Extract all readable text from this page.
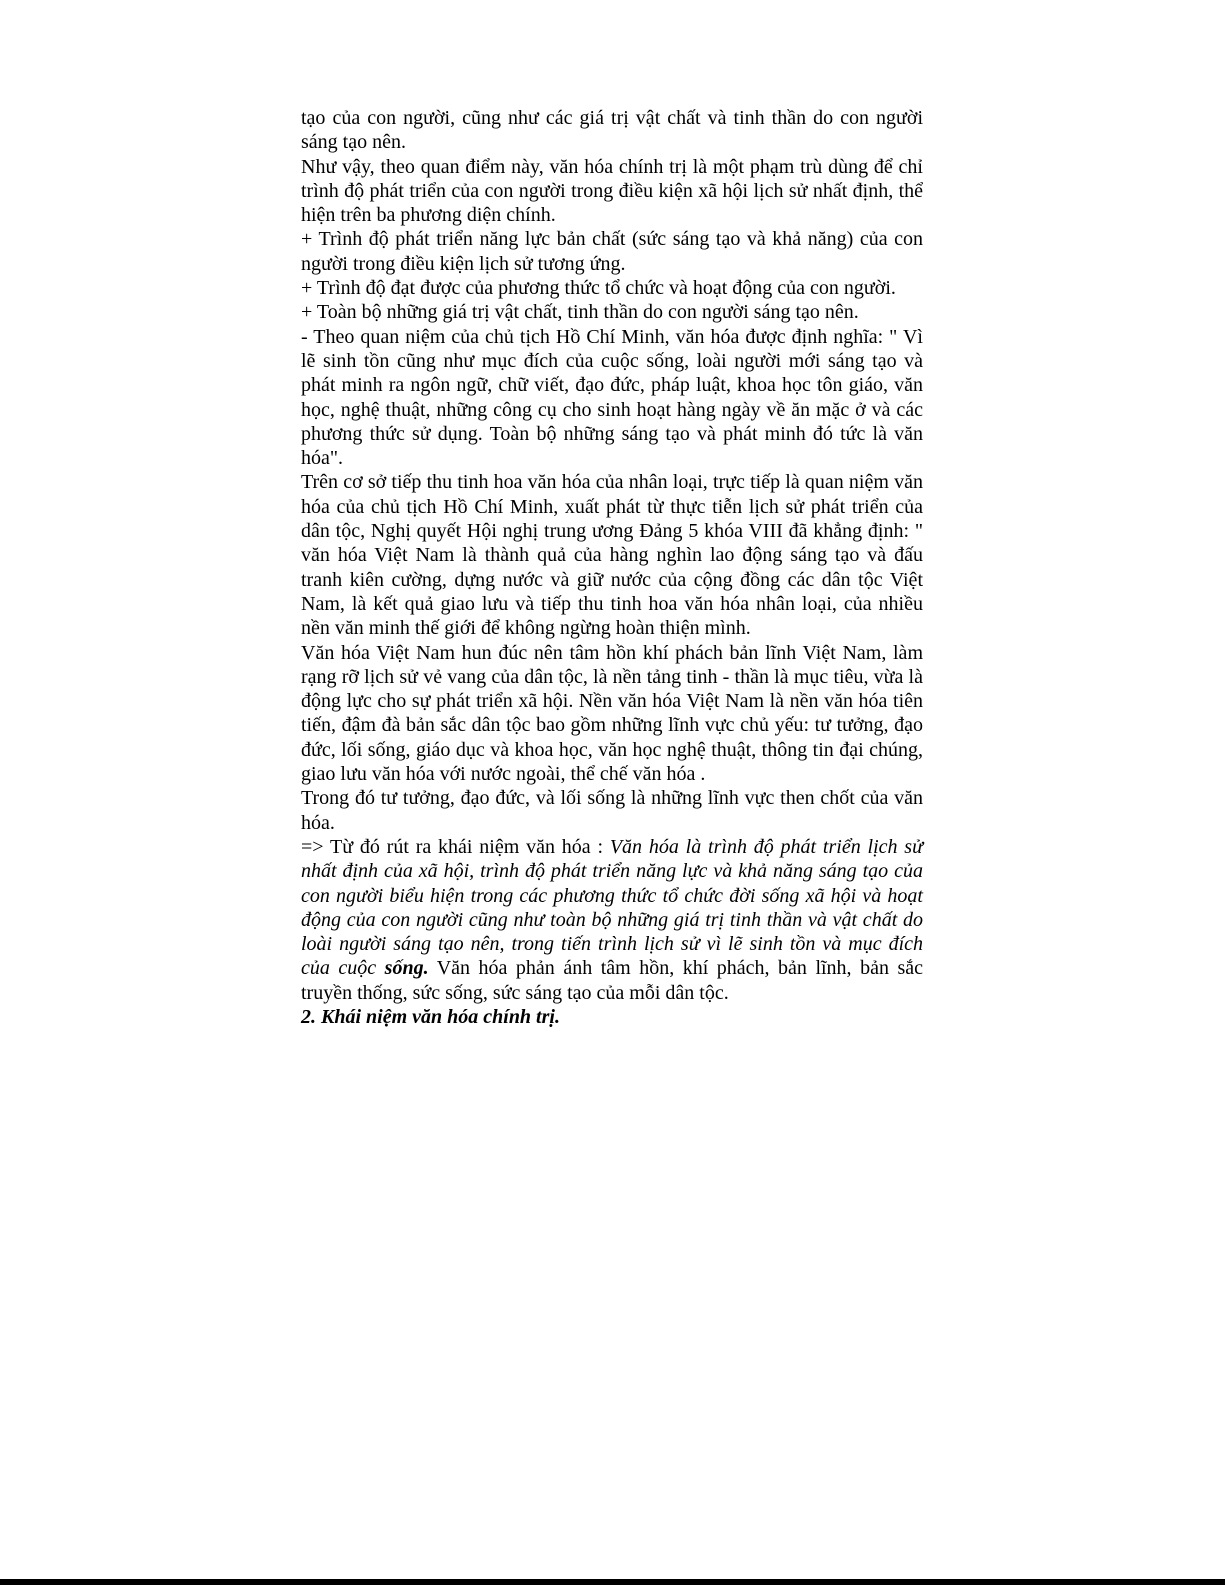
tạo của con người, cũng như các giá trị vật chất và tinh thần do con người sáng tạo nên.

Như vậy, theo quan điểm này, văn hóa chính trị là một phạm trù dùng để chỉ trình độ phát triển của con người trong điều kiện xã hội lịch sử nhất định, thể hiện trên ba phương diện chính.

+ Trình độ phát triển năng lực bản chất (sức sáng tạo và khả năng) của con người trong điều kiện lịch sử tương ứng.

+ Trình độ đạt được của phương thức tổ chức và hoạt động của con người.

+ Toàn bộ những giá trị vật chất, tinh thần do con người sáng tạo nên.

- Theo quan niệm của chủ tịch Hồ Chí Minh, văn hóa được định nghĩa: " Vì lẽ sinh tồn cũng như mục đích của cuộc sống, loài người mới sáng tạo và phát minh ra ngôn ngữ, chữ viết, đạo đức, pháp luật, khoa học tôn giáo, văn học, nghệ thuật, những công cụ cho sinh hoạt hàng ngày về ăn mặc ở và các phương thức sử dụng. Toàn bộ những sáng tạo và phát minh đó tức là văn hóa".

Trên cơ sở tiếp thu tinh hoa văn hóa của nhân loại, trực tiếp là quan niệm văn hóa của chủ tịch Hồ Chí Minh, xuất phát từ thực tiễn lịch sử phát triển của dân tộc, Nghị quyết Hội nghị trung ương Đảng 5 khóa VIII đã khẳng định: " văn hóa Việt Nam là thành quả của hàng nghìn lao động sáng tạo và đấu tranh kiên cường, dựng nước và giữ nước của cộng đồng các dân tộc Việt Nam, là kết quả giao lưu và tiếp thu tinh hoa văn hóa nhân loại, của nhiều nền văn minh thế giới để không ngừng hoàn thiện mình.

Văn hóa Việt Nam hun đúc nên tâm hồn khí phách bản lĩnh Việt Nam, làm rạng rỡ lịch sử vẻ vang của dân tộc, là nền tảng tinh - thần là mục tiêu, vừa là động lực cho sự phát triển xã hội. Nền văn hóa Việt Nam là nền văn hóa tiên tiến, đậm đà bản sắc dân tộc bao gồm những lĩnh vực chủ yếu: tư tưởng, đạo đức, lối sống, giáo dục và khoa học, văn học nghệ thuật, thông tin đại chúng, giao lưu văn hóa với nước ngoài, thể chế văn hóa .

Trong đó tư tưởng, đạo đức, và lối sống là những lĩnh vực then chốt của văn hóa.

=> Từ đó rút ra khái niệm văn hóa : Văn hóa là trình độ phát triển lịch sử nhất định của xã hội, trình độ phát triển năng lực và khả năng sáng tạo của con người biểu hiện trong các phương thức tổ chức đời sống xã hội và hoạt động của con người cũng như toàn bộ những giá trị tinh thần và vật chất do loài người sáng tạo nên, trong tiến trình lịch sử vì lẽ sinh tồn và mục đích của cuộc sống. Văn hóa phản ánh tâm hồn, khí phách, bản lĩnh, bản sắc truyền thống, sức sống, sức sáng tạo của mỗi dân tộc.

2. Khái niệm văn hóa chính trị.
